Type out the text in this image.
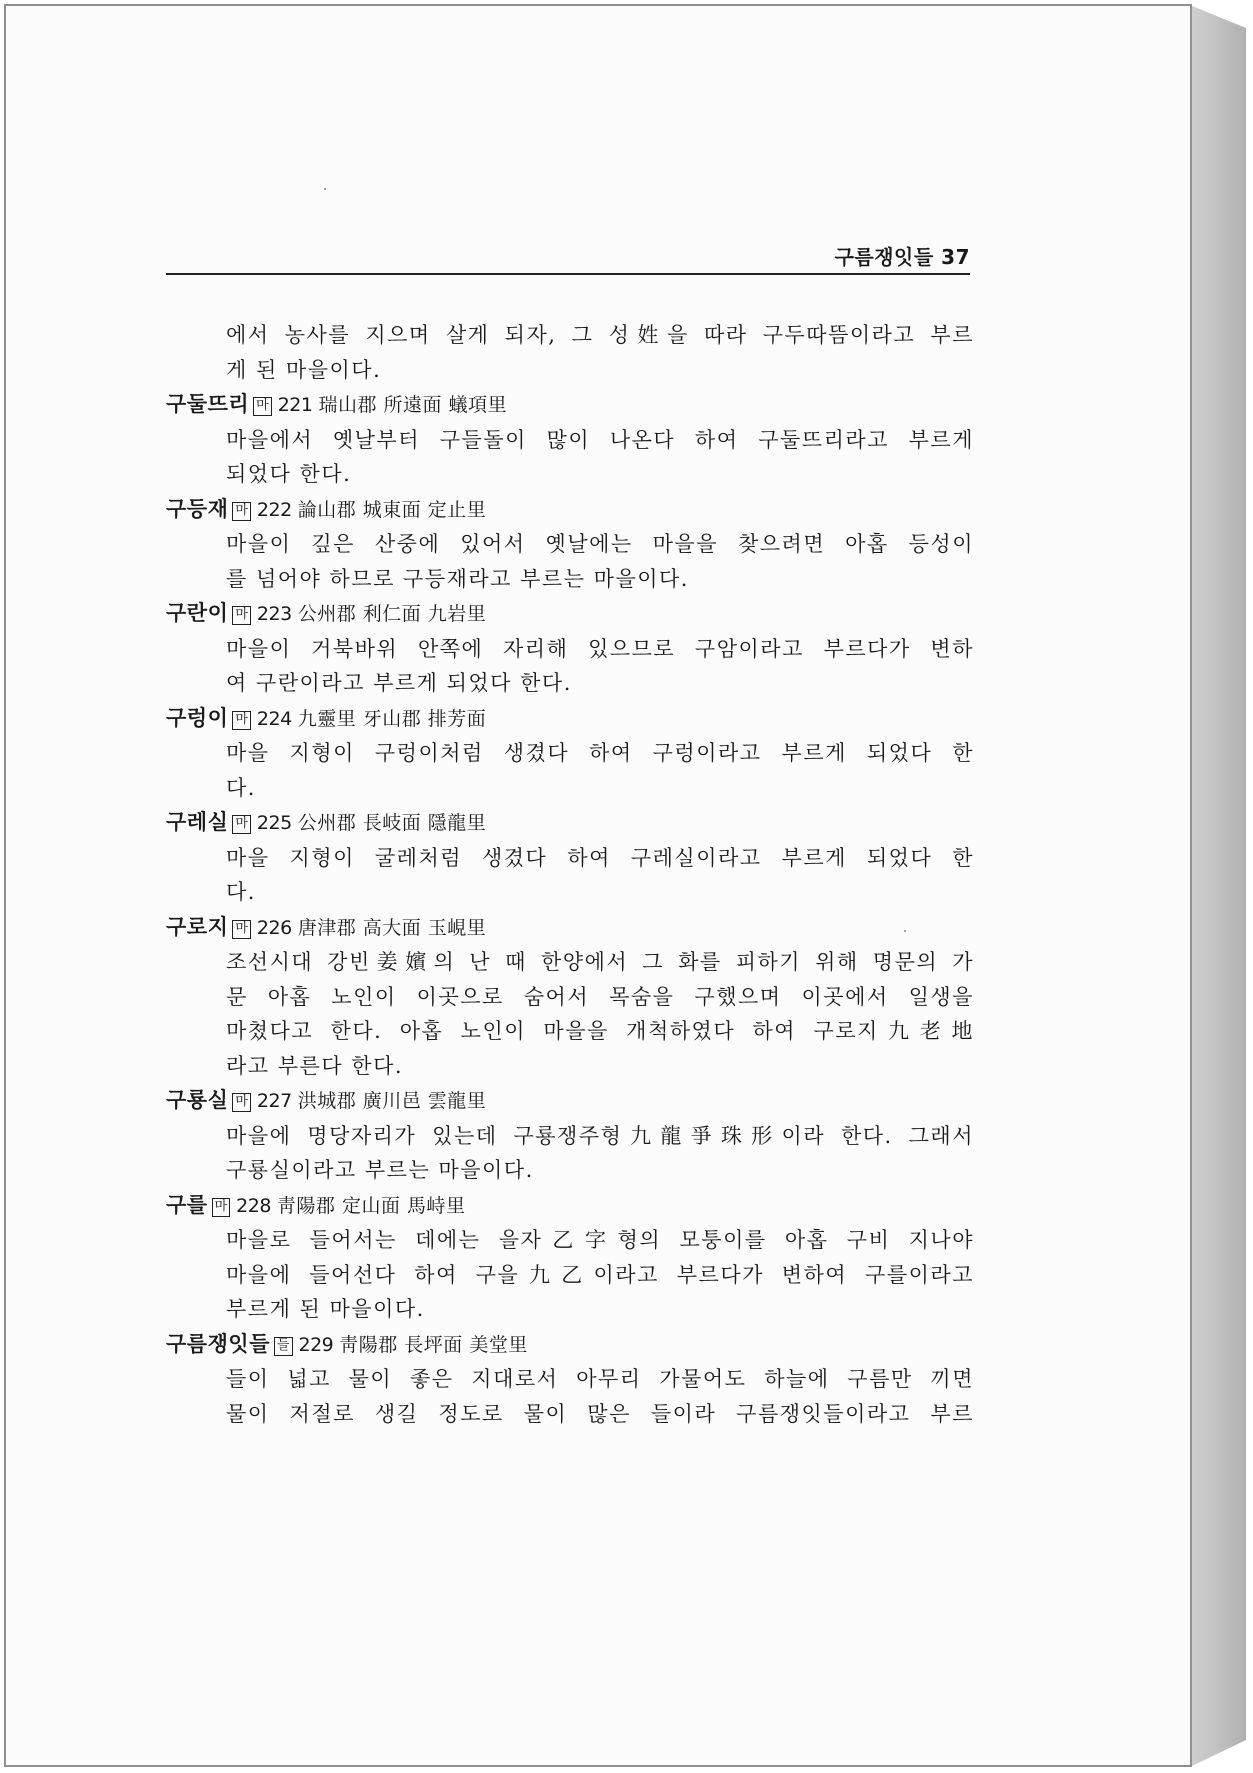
구름쟁잇들 37
에서 농사를 지으며 살게 되자, 그 성姓을 따라 구두따뜸이라고 부르
게 된 마을이다.
구둘뜨리 마 221 瑞山郡 所遠面 蟻項里
마을에서 옛날부터 구들돌이 많이 나온다 하여 구둘뜨리라고 부르게
되었다 한다.
구등재 마 222 論山郡 城東面 定止里
마을이 깊은 산중에 있어서 옛날에는 마을을 찾으려면 아홉 등성이
를 넘어야 하므로 구등재라고 부르는 마을이다.
구란이 마 223 公州郡 利仁面 九岩里
마을이 거북바위 안쪽에 자리해 있으므로 구암이라고 부르다가 변하
여 구란이라고 부르게 되었다 한다.
구렁이 마 224 九靈里 牙山郡 排芳面
마을 지형이 구렁이처럼 생겼다 하여 구렁이라고 부르게 되었다 한
다.
구레실 마 225 公州郡 長岐面 隱龍里
마을 지형이 굴레처럼 생겼다 하여 구레실이라고 부르게 되었다 한
다.
구로지 마 226 唐津郡 高大面 玉峴里
조선시대 강빈姜嬪의 난 때 한양에서 그 화를 피하기 위해 명문의 가
문 아홉 노인이 이곳으로 숨어서 목숨을 구했으며 이곳에서 일생을
마쳤다고 한다. 아홉 노인이 마을을 개척하였다 하여 구로지九老地
라고 부른다 한다.
구룡실 마 227 洪城郡 廣川邑 雲龍里
마을에 명당자리가 있는데 구룡쟁주형九龍爭珠形이라 한다. 그래서
구룡실이라고 부르는 마을이다.
구를 마 228 靑陽郡 定山面 馬峙里
마을로 들어서는 데에는 을자乙字형의 모퉁이를 아홉 구비 지나야
마을에 들어선다 하여 구을九乙이라고 부르다가 변하여 구를이라고
부르게 된 마을이다.
구름쟁잇들 들 229 靑陽郡 長坪面 美堂里
들이 넓고 물이 좋은 지대로서 아무리 가물어도 하늘에 구름만 끼면
물이 저절로 생길 정도로 물이 많은 들이라 구름쟁잇들이라고 부르
